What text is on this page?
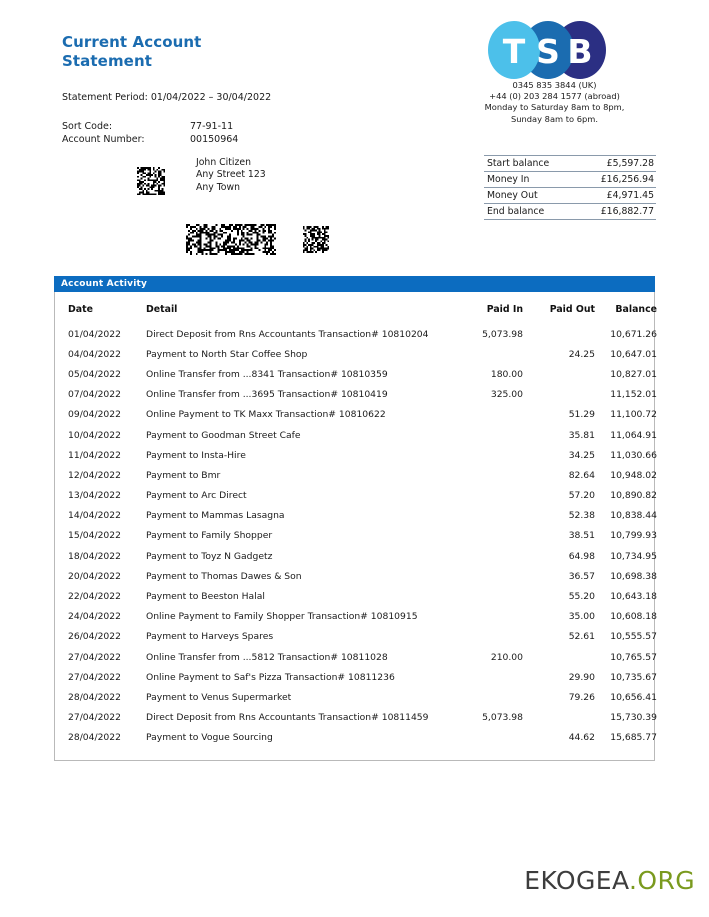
Current Account
Statement
Statement Period: 01/04/2022 – 30/04/2022
Sort Code:	77-91-11
Account Number:	00150964
T S B
0345 835 3844 (UK)
+44 (0) 203 284 1577 (abroad)
Monday to Saturday 8am to 8pm,
Sunday 8am to 6pm.
Start balance	£5,597.28
Money In	£16,256.94
Money Out	£4,971.45
End balance	£16,882.77
John Citizen
Any Street 123
Any Town
Account Activity
Date	Detail	Paid In	Paid Out	Balance
01/04/2022	Direct Deposit from Rns Accountants Transaction# 10810204	5,073.98		10,671.26
04/04/2022	Payment to North Star Coffee Shop		24.25	10,647.01
05/04/2022	Online Transfer from ...8341 Transaction# 10810359	180.00		10,827.01
07/04/2022	Online Transfer from ...3695 Transaction# 10810419	325.00		11,152.01
09/04/2022	Online Payment to TK Maxx Transaction# 10810622		51.29	11,100.72
10/04/2022	Payment to Goodman Street Cafe		35.81	11,064.91
11/04/2022	Payment to Insta-Hire		34.25	11,030.66
12/04/2022	Payment to Bmr		82.64	10,948.02
13/04/2022	Payment to Arc Direct		57.20	10,890.82
14/04/2022	Payment to Mammas Lasagna		52.38	10,838.44
15/04/2022	Payment to Family Shopper		38.51	10,799.93
18/04/2022	Payment to Toyz N Gadgetz		64.98	10,734.95
20/04/2022	Payment to Thomas Dawes & Son		36.57	10,698.38
22/04/2022	Payment to Beeston Halal		55.20	10,643.18
24/04/2022	Online Payment to Family Shopper Transaction# 10810915		35.00	10,608.18
26/04/2022	Payment to Harveys Spares		52.61	10,555.57
27/04/2022	Online Transfer from ...5812 Transaction# 10811028	210.00		10,765.57
27/04/2022	Online Payment to Saf's Pizza Transaction# 10811236		29.90	10,735.67
28/04/2022	Payment to Venus Supermarket		79.26	10,656.41
27/04/2022	Direct Deposit from Rns Accountants Transaction# 10811459	5,073.98		15,730.39
28/04/2022	Payment to Vogue Sourcing		44.62	15,685.77

EKOGEA.ORG
